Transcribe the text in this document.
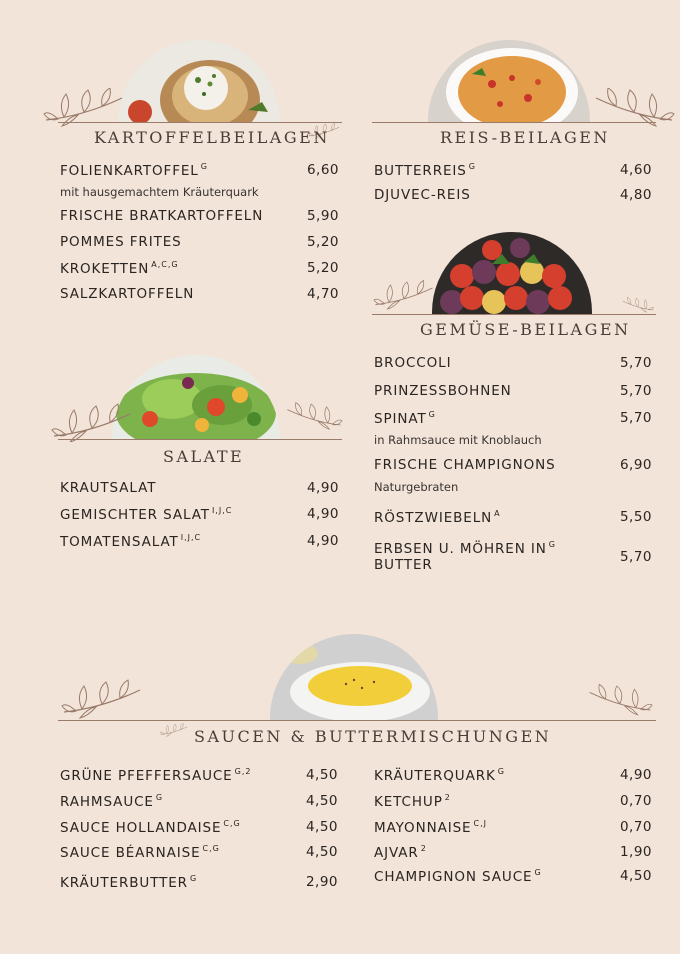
KARTOFFELBEILAGEN
FOLIENKARTOFFEL $^G$	6,60
mit hausgemachtem Kräuterquark
FRISCHE BRATKARTOFFELN	5,90
POMMES FRITES	5,20
KROKETTEN $^{A,C,G}$	5,20
SALZKARTOFFELN	4,70
REIS-BEILAGEN
BUTTERREIS $^G$	4,60
DJUVEC-REIS	4,80
GEMÜSE-BEILAGEN
BROCCOLI	5,70
PRINZESSBOHNEN	5,70
SPINAT $^G$	5,70
in Rahmsauce mit Knoblauch
FRISCHE CHAMPIGNONS	6,90
Naturgebraten
RÖSTZWIEBELN $^A$	5,50
ERBSEN U. MÖHREN IN $^G$
BUTTER	5,70
SALATE
KRAUTSALAT	4,90
GEMISCHTER SALAT $^{I,J,C}$	4,90
TOMATENSALAT $^{I,J,C}$	4,90
SAUCEN & BUTTERMISCHUNGEN
GRÜNE PFEFFERSAUCE $^{G,2}$	4,50
RAHMSAUCE $^G$	4,50
SAUCE HOLLANDAISE $^{C,G}$	4,50
SAUCE BÉARNAISE $^{C,G}$	4,50
KRÄUTERBUTTER $^G$	2,90
KRÄUTERQUARK $^G$	4,90
KETCHUP $^2$	0,70
MAYONNAISE $^{C,J}$	0,70
AJVAR $^2$	1,90
CHAMPIGNON SAUCE $^G$	4,50
